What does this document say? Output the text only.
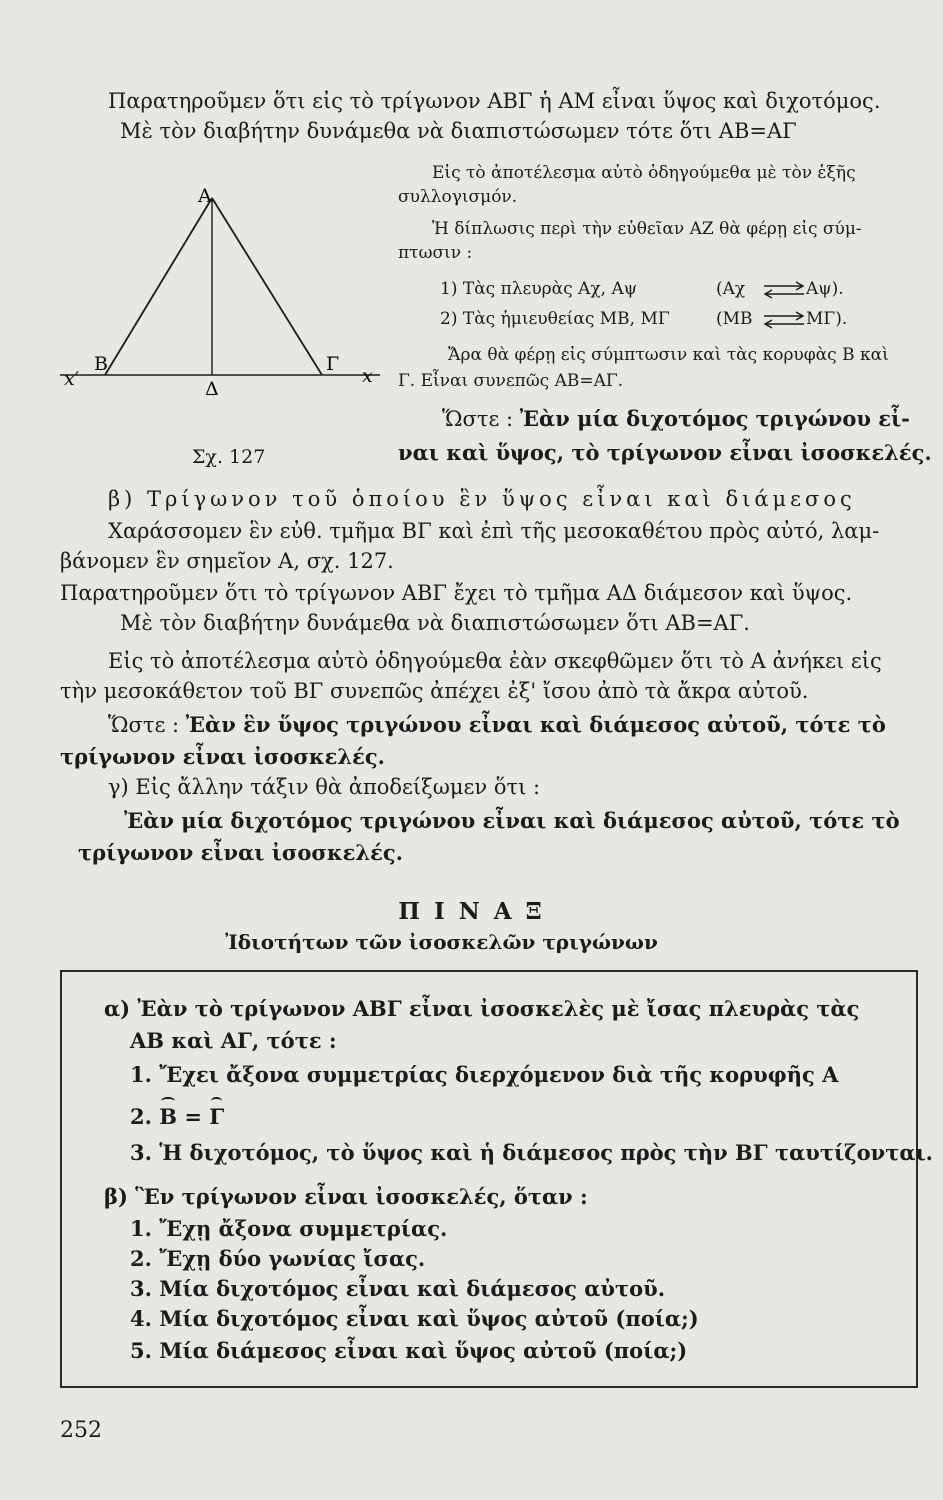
Παρατηροῦμεν ὅτι εἰς τὸ τρίγωνον ΑΒΓ ἡ ΑΜ εἶναι ὕψος καὶ διχοτόμος.
Μὲ τὸν διαβήτην δυνάμεθα νὰ διαπιστώσωμεν τότε ὅτι ΑΒ=ΑΓ
Α
Β	Γ
Δ
x′	x
Σχ. 127
Εἰς τὸ ἀποτέλεσμα αὐτὸ ὁδηγούμεθα μὲ τὸν ἑξῆς
συλλογισμόν.
Ἡ δίπλωσις περὶ τὴν εὐθεῖαν ΑΖ θὰ φέρῃ εἰς σύμ-
πτωσιν :
1) Τὰς πλευρὰς Αχ, Αψ	(Αχ	Αψ).
2) Τὰς ἡμιευθείας ΜΒ, ΜΓ	(ΜΒ	ΜΓ).
Ἄρα θὰ φέρῃ εἰς σύμπτωσιν καὶ τὰς κορυφὰς Β καὶ
Γ. Εἶναι συνεπῶς ΑΒ=ΑΓ.
Ὥστε : Ἐὰν μία διχοτόμος τριγώνου εἶ-
ναι καὶ ὕψος, τὸ τρίγωνον εἶναι ἰσοσκελές.
β) Τρίγωνον τοῦ ὁποίου ἓν ὕψος εἶναι καὶ διάμεσος
Χαράσσομεν ἓν εὐθ. τμῆμα ΒΓ καὶ ἐπὶ τῆς μεσοκαθέτου πρὸς αὐτό, λαμ-
βάνομεν ἓν σημεῖον Α, σχ. 127.
Παρατηροῦμεν ὅτι τὸ τρίγωνον ΑΒΓ ἔχει τὸ τμῆμα ΑΔ διάμεσον καὶ ὕψος.
Μὲ τὸν διαβήτην δυνάμεθα νὰ διαπιστώσωμεν ὅτι ΑΒ=ΑΓ.
Εἰς τὸ ἀποτέλεσμα αὐτὸ ὁδηγούμεθα ἐὰν σκεφθῶμεν ὅτι τὸ Α ἀνήκει εἰς
τὴν μεσοκάθετον τοῦ ΒΓ συνεπῶς ἀπέχει ἐξ' ἴσου ἀπὸ τὰ ἄκρα αὐτοῦ.
Ὥστε : Ἐὰν ἓν ὕψος τριγώνου εἶναι καὶ διάμεσος αὐτοῦ, τότε τὸ
τρίγωνον εἶναι ἰσοσκελές.
γ) Εἰς ἄλλην τάξιν θὰ ἀποδείξωμεν ὅτι :
Ἐὰν μία διχοτόμος τριγώνου εἶναι καὶ διάμεσος αὐτοῦ, τότε τὸ
τρίγωνον εἶναι ἰσοσκελές.
Π Ι Ν Α Ξ
Ἰδιοτήτων τῶν ἰσοσκελῶν τριγώνων
α) Ἐὰν τὸ τρίγωνον ΑΒΓ εἶναι ἰσοσκελὲς μὲ ἴσας πλευρὰς τὰς
ΑΒ καὶ ΑΓ, τότε :
1. Ἔχει ἄξονα συμμετρίας διερχόμενον διὰ τῆς κορυφῆς Α
2. Β = Γ
3. Ἡ διχοτόμος, τὸ ὕψος καὶ ἡ διάμεσος πρὸς τὴν ΒΓ ταυτίζονται.
β) Ἓν τρίγωνον εἶναι ἰσοσκελές, ὅταν :
1. Ἔχῃ ἄξονα συμμετρίας.
2. Ἔχῃ δύο γωνίας ἴσας.
3. Μία διχοτόμος εἶναι καὶ διάμεσος αὐτοῦ.
4. Μία διχοτόμος εἶναι καὶ ὕψος αὐτοῦ (ποία;)
5. Μία διάμεσος εἶναι καὶ ὕψος αὐτοῦ (ποία;)
252
